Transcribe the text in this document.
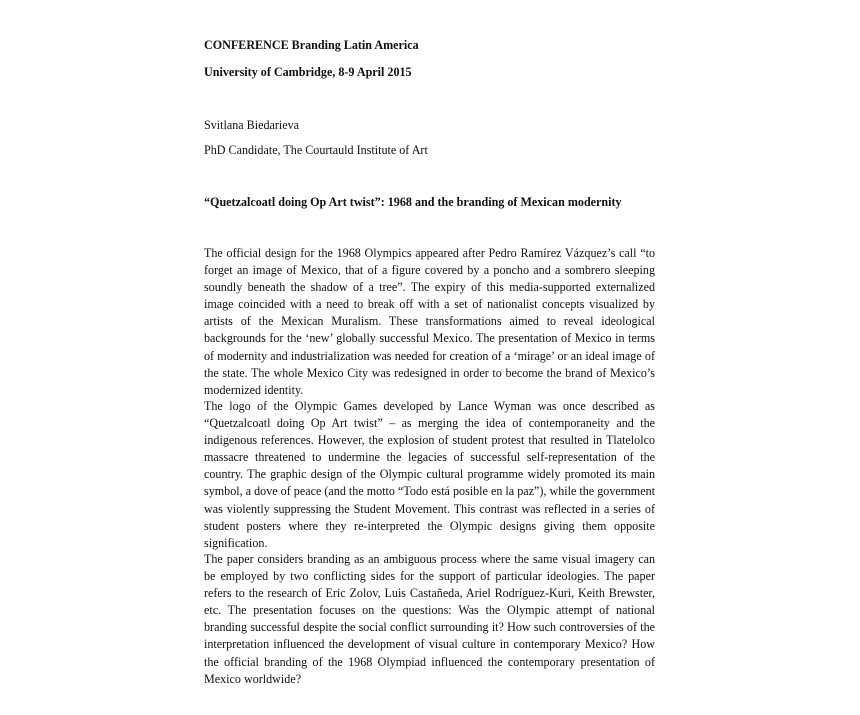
CONFERENCE Branding Latin America

University of Cambridge, 8-9 April 2015

Svitlana Biedarieva

PhD Candidate, The Courtauld Institute of Art

“Quetzalcoatl doing Op Art twist”: 1968 and the branding of Mexican modernity

The official design for the 1968 Olympics appeared after Pedro Ramírez Vázquez’s call “to forget an image of Mexico, that of a figure covered by a poncho and a sombrero sleeping soundly beneath the shadow of a tree”. The expiry of this media-supported externalized image coincided with a need to break off with a set of nationalist concepts visualized by artists of the Mexican Muralism. These transformations aimed to reveal ideological backgrounds for the ‘new’ globally successful Mexico. The presentation of Mexico in terms of modernity and industrialization was needed for creation of a ‘mirage’ or an ideal image of the state. The whole Mexico City was redesigned in order to become the brand of Mexico’s modernized identity.

The logo of the Olympic Games developed by Lance Wyman was once described as “Quetzalcoatl doing Op Art twist” – as merging the idea of contemporaneity and the indigenous references. However, the explosion of student protest that resulted in Tlatelolco massacre threatened to undermine the legacies of successful self-representation of the country. The graphic design of the Olympic cultural programme widely promoted its main symbol, a dove of peace (and the motto “Todo está posible en la paz”), while the government was violently suppressing the Student Movement. This contrast was reflected in a series of student posters where they re-interpreted the Olympic designs giving them opposite signification.

The paper considers branding as an ambiguous process where the same visual imagery can be employed by two conflicting sides for the support of particular ideologies. The paper refers to the research of Eric Zolov, Luis Castañeda, Ariel Rodríguez-Kuri, Keith Brewster, etc. The presentation focuses on the questions: Was the Olympic attempt of national branding successful despite the social conflict surrounding it? How such controversies of the interpretation influenced the development of visual culture in contemporary Mexico? How the official branding of the 1968 Olympiad influenced the contemporary presentation of Mexico worldwide?
